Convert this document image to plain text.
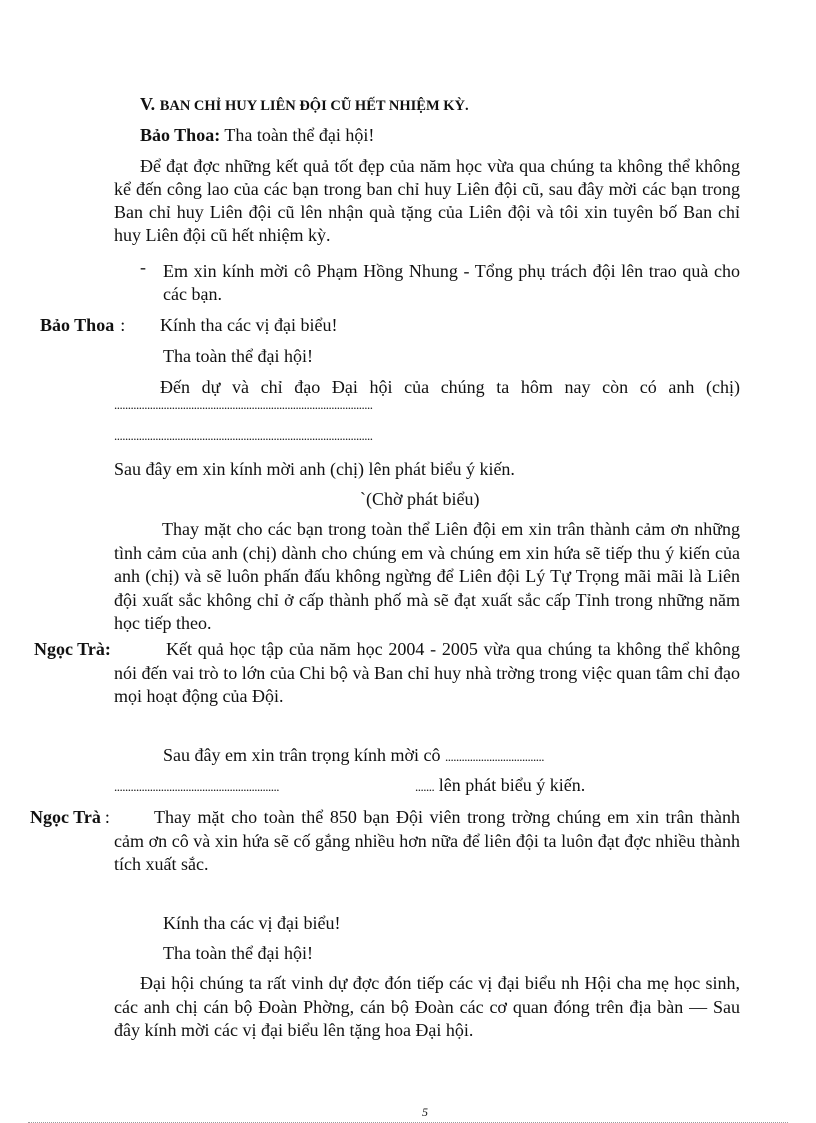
V. BAN CHỈ HUY LIÊN ĐỘI CŨ HẾT NHIỆM KỲ.
Bảo Thoa: Tha toàn thể đại hội!
Để đạt đợc những kết quả tốt đẹp của năm học vừa qua chúng ta không thể không kể đến công lao của các bạn trong ban chỉ huy Liên đội cũ, sau đây mời các bạn trong Ban chỉ huy Liên đội cũ lên nhận quà tặng của Liên đội và tôi xin tuyên bố Ban chỉ huy Liên đội cũ hết nhiệm kỳ.
- Em xin kính mời cô Phạm Hồng Nhung - Tổng phụ trách đội lên trao quà cho các bạn.
Bảo Thoa : Kính tha các vị đại biểu!
Tha toàn thể đại hội!
Đến dự và chỉ đạo Đại hội của chúng ta hôm nay còn có anh (chị)
..............................................................................................
..............................................................................................
Sau đây em xin kính mời anh (chị) lên phát biểu ý kiến.
`(Chờ phát biểu)
Thay mặt cho các bạn trong toàn thể Liên đội em xin trân thành cảm ơn những tình cảm của anh (chị) dành cho chúng em và chúng em xin hứa sẽ tiếp thu ý kiến của anh (chị) và sẽ luôn phấn đấu không ngừng để Liên đội Lý Tự Trọng mãi mãi là Liên đội xuất sắc không chỉ ở cấp thành phố mà sẽ đạt xuất sắc cấp Tỉnh trong những năm học tiếp theo.
Ngọc Trà:	Kết quả học tập của năm học 2004 - 2005 vừa qua chúng ta không thể không nói đến vai trò to lớn của Chi bộ và Ban chỉ huy nhà trờng trong việc quan tâm chỉ đạo mọi hoạt động của Đội.
Sau đây em xin trân trọng kính mời cô ....................................
............................................................	....... lên phát biểu ý kiến.
Ngọc Trà :	Thay mặt cho toàn thể 850 bạn Đội viên trong trờng chúng em xin trân thành cảm ơn cô và xin hứa sẽ cố gắng nhiều hơn nữa để liên đội ta luôn đạt đợc nhiều thành tích xuất sắc.
Kính tha các vị đại biểu!
Tha toàn thể đại hội!
Đại hội chúng ta rất vinh dự đợc đón tiếp các vị đại biểu nh Hội cha mẹ học sinh, các anh chị cán bộ Đoàn Phờng, cán bộ Đoàn các cơ quan đóng trên địa bàn — Sau đây kính mời các vị đại biểu lên tặng hoa Đại hội.
5
